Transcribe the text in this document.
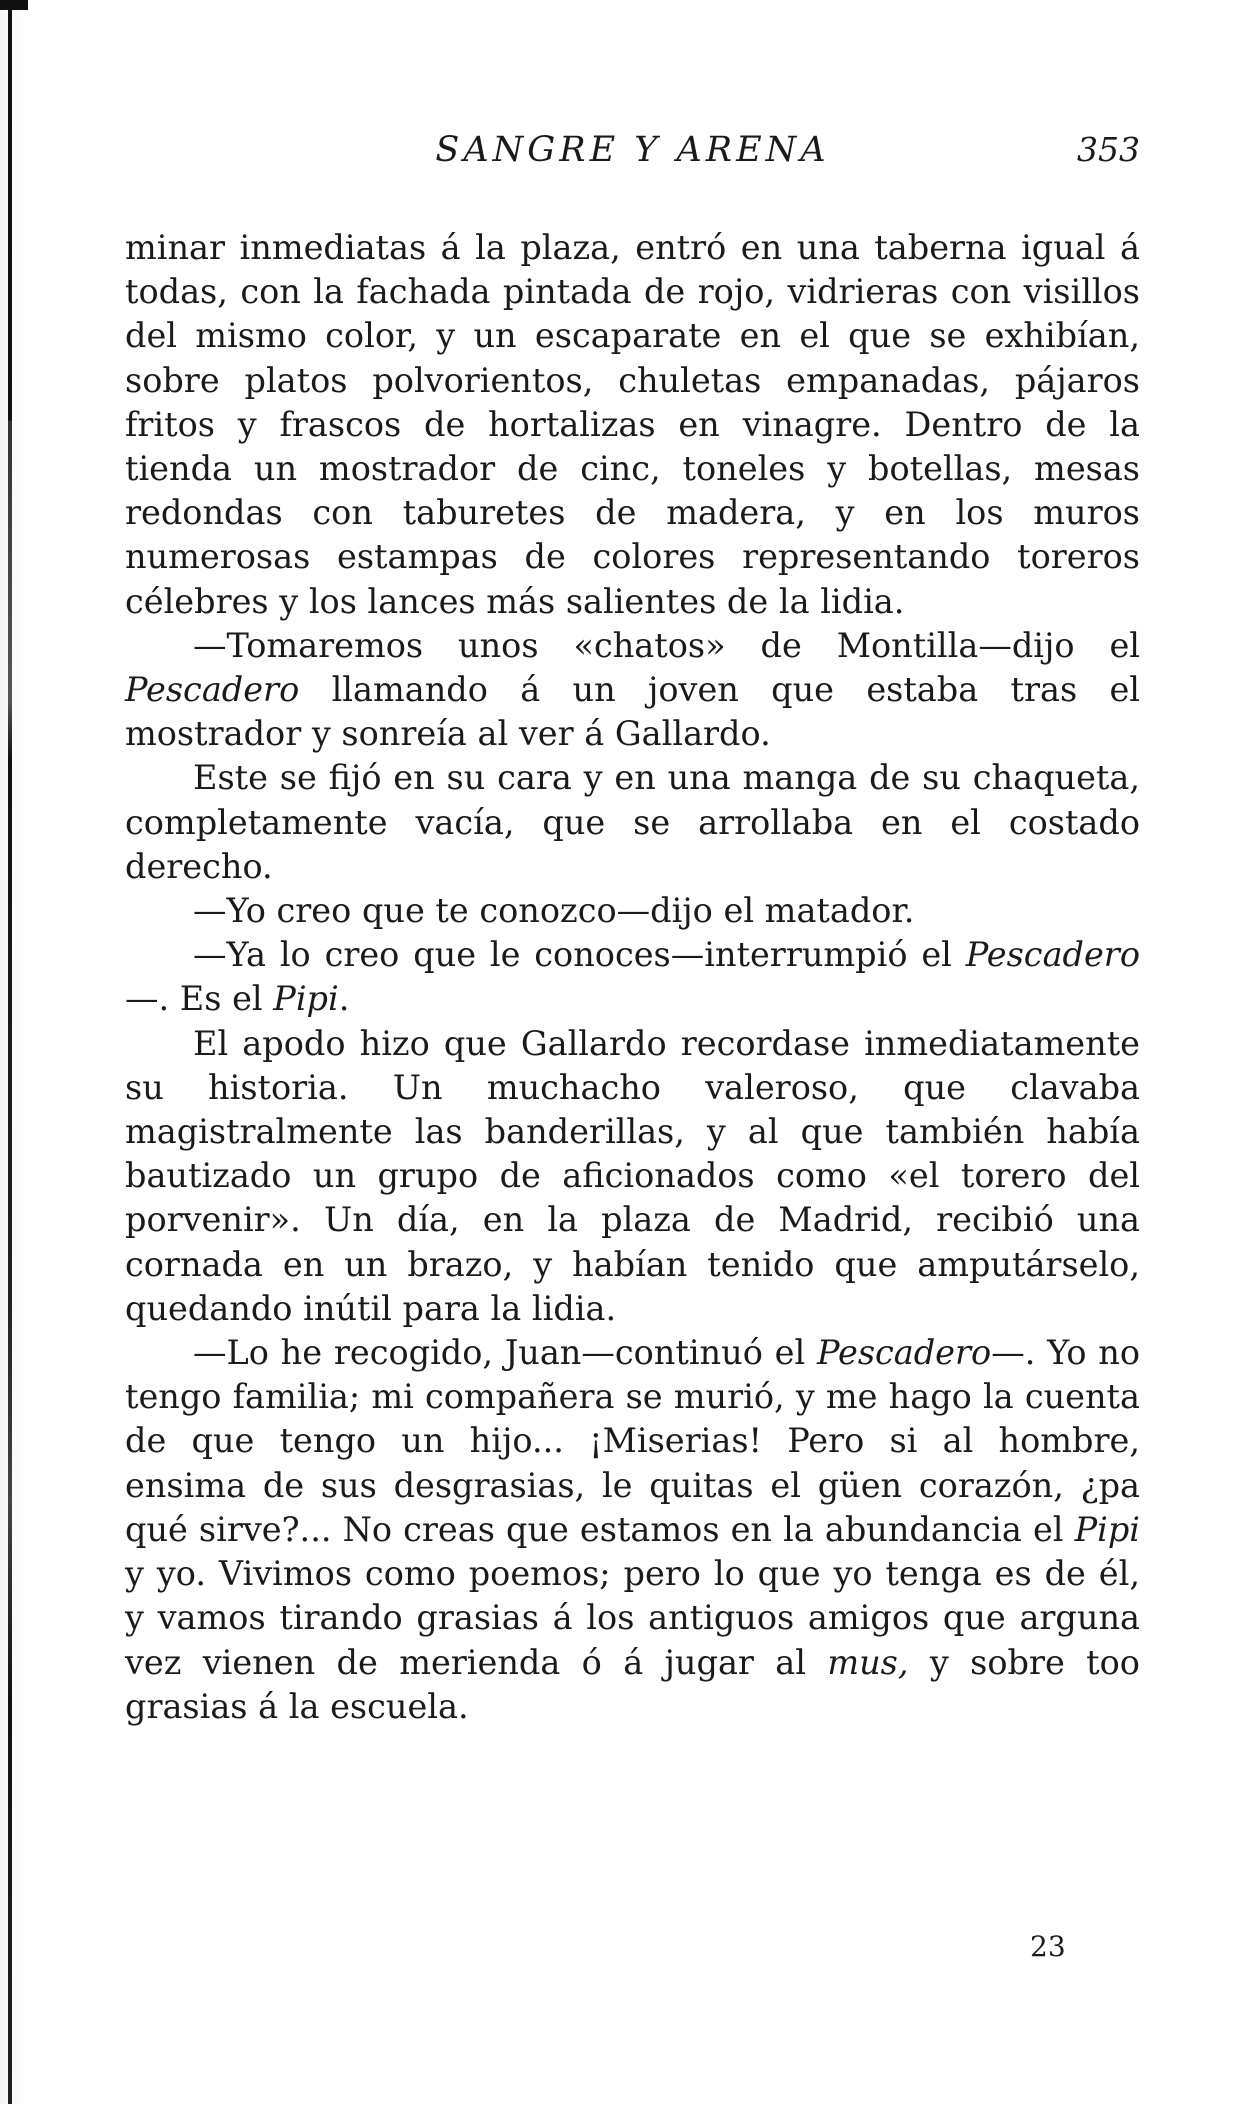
SANGRE Y ARENA	353

minar inmediatas á la plaza, entró en una taberna igual á todas, con la fachada pintada de rojo, vidrieras con visillos del mismo color, y un escaparate en el que se exhibían, sobre platos polvorientos, chuletas empanadas, pájaros fritos y frascos de hortalizas en vinagre. Dentro de la tienda un mostrador de cinc, toneles y botellas, mesas redondas con taburetes de madera, y en los muros numerosas estampas de colores representando toreros célebres y los lances más salientes de la lidia.

—Tomaremos unos «chatos» de Montilla—dijo el Pescadero llamando á un joven que estaba tras el mostrador y sonreía al ver á Gallardo.

Este se fijó en su cara y en una manga de su chaqueta, completamente vacía, que se arrollaba en el costado derecho.

—Yo creo que te conozco—dijo el matador.

—Ya lo creo que le conoces—interrumpió el Pescadero—. Es el Pipi.

El apodo hizo que Gallardo recordase inmediatamente su historia. Un muchacho valeroso, que clavaba magistralmente las banderillas, y al que también había bautizado un grupo de aficionados como «el torero del porvenir». Un día, en la plaza de Madrid, recibió una cornada en un brazo, y habían tenido que amputárselo, quedando inútil para la lidia.

—Lo he recogido, Juan—continuó el Pescadero—. Yo no tengo familia; mi compañera se murió, y me hago la cuenta de que tengo un hijo... ¡Miserias! Pero si al hombre, ensima de sus desgrasias, le quitas el güen corazón, ¿pa qué sirve?... No creas que estamos en la abundancia el Pipi y yo. Vivimos como poemos; pero lo que yo tenga es de él, y vamos tirando grasias á los antiguos amigos que arguna vez vienen de merienda ó á jugar al mus, y sobre too grasias á la escuela.

23
